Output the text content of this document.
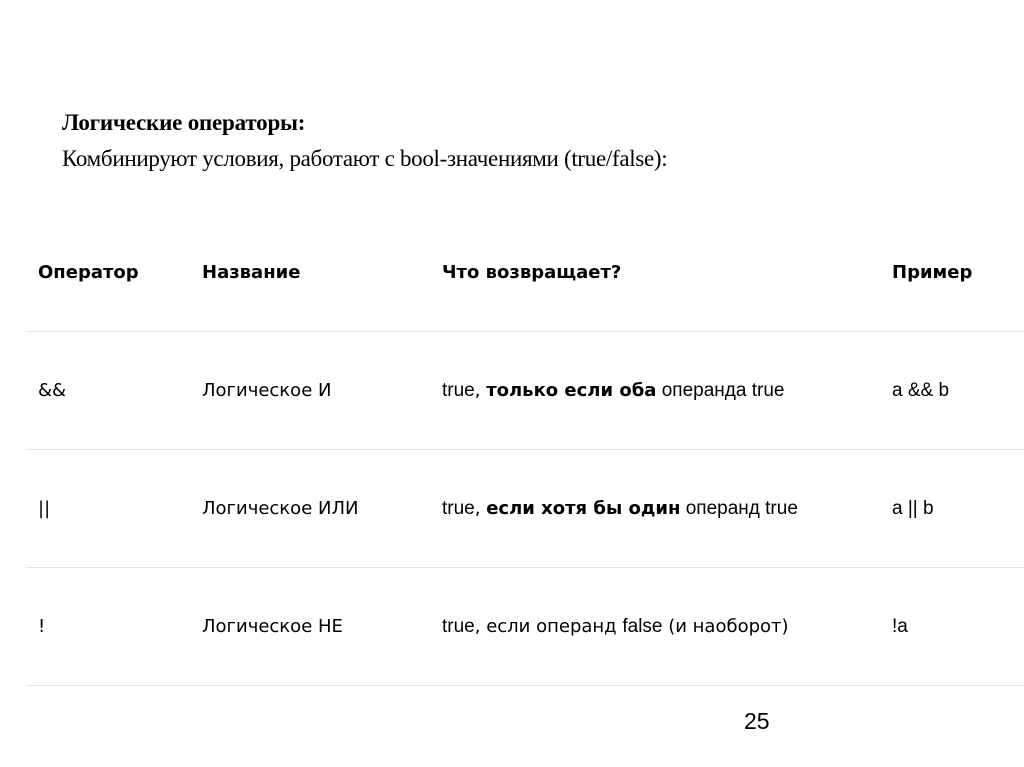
Логические операторы:

Комбинируют условия, работают с bool-значениями (true/false):

Оператор	Название	Что возвращает?	Пример
&&	Логическое И	true, только если оба операнда true	a && b
||	Логическое ИЛИ	true, если хотя бы один операнд true	a || b
!	Логическое НЕ	true, если операнд false (и наоборот)	!a
25
